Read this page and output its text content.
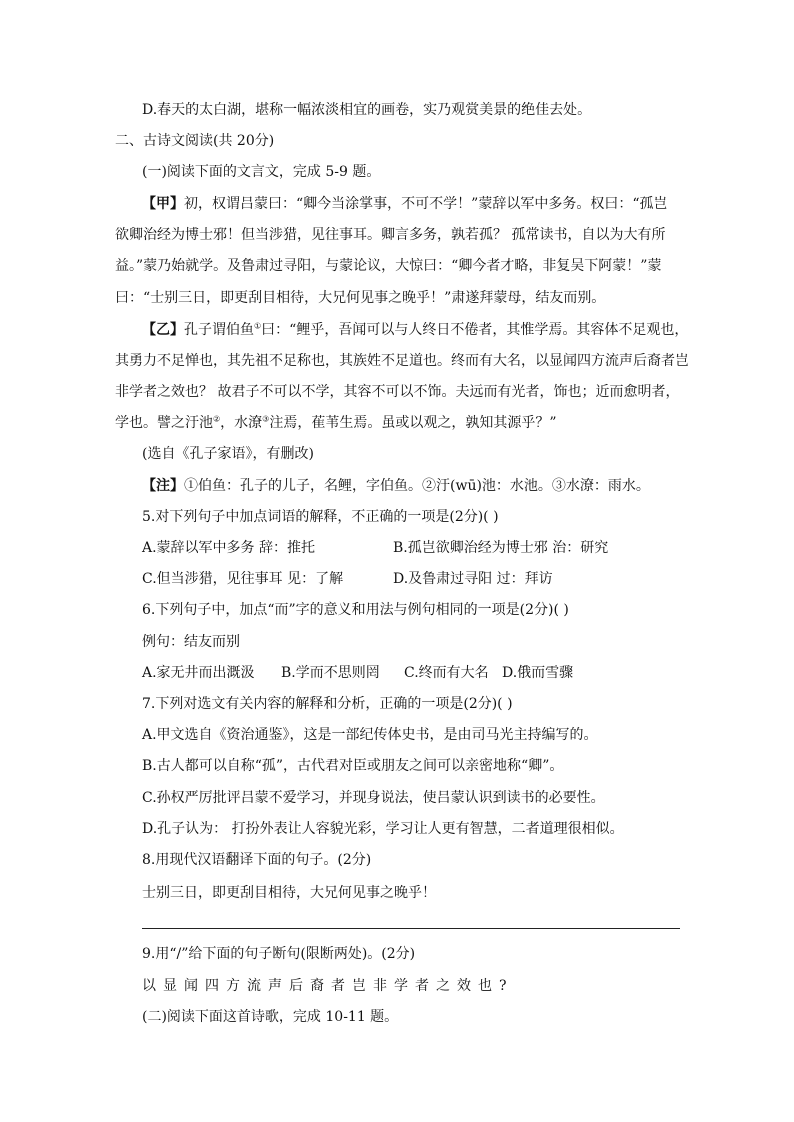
D.春天的太白湖，堪称一幅浓淡相宜的画卷，实乃观赏美景的绝佳去处。
二、古诗文阅读(共 20分)
(一)阅读下面的文言文，完成 5-9 题。
【甲】初，权谓吕蒙曰：“卿今当涂掌事，不可不学！”蒙辞以军中多务。权曰：“孤岂
欲卿治经为博士邪！但当涉猎，见往事耳。卿言多务，孰若孤？ 孤常读书，自以为大有所
益。”蒙乃始就学。及鲁肃过寻阳，与蒙论议，大惊曰：“卿今者才略，非复吴下阿蒙！”蒙
曰：“士别三日，即更刮目相待，大兄何见事之晚乎！”肃遂拜蒙母，结友而别。
【乙】孔子谓伯鱼①曰：“鲤乎，吾闻可以与人终日不倦者，其惟学焉。其容体不足观也，
其勇力不足惮也，其先祖不足称也，其族姓不足道也。终而有大名，以显闻四方流声后裔者岂
非学者之效也？ 故君子不可以不学，其容不可以不饰。夫远而有光者，饰也；近而愈明者，
学也。譬之汙池②，水潦③注焉，萑苇生焉。虽或以观之，孰知其源乎？”
(选自《孔子家语》，有删改)
【注】①伯鱼：孔子的儿子，名鲤，字伯鱼。②汙(wū)池：水池。③水潦：雨水。
5.对下列句子中加点词语的解释，不正确的一项是(2分)( )
A.蒙辞以军中多务 辞：推托	B.孤岂欲卿治经为博士邪 治：研究
C.但当涉猎，见往事耳 见：了解	D.及鲁肃过寻阳 过：拜访
6.下列句子中，加点“而”字的意义和用法与例句相同的一项是(2分)( )
例句：结友而别
A.家无井而出溉汲 B.学而不思则罔 C.终而有大名 D.俄而雪骤
7.下列对选文有关内容的解释和分析，正确的一项是(2分)( )
A.甲文选自《资治通鉴》，这是一部纪传体史书，是由司马光主持编写的。
B.古人都可以自称“孤”，古代君对臣或朋友之间可以亲密地称“卿”。
C.孙权严厉批评吕蒙不爱学习，并现身说法，使吕蒙认识到读书的必要性。
D.孔子认为： 打扮外表让人容貌光彩，学习让人更有智慧，二者道理很相似。
8.用现代汉语翻译下面的句子。(2分)
士别三日，即更刮目相待，大兄何见事之晚乎！
9.用“/”给下面的句子断句(限断两处)。(2分)
以显闻四方流声后裔者岂非学者之效也?
(二)阅读下面这首诗歌，完成 10-11 题。
